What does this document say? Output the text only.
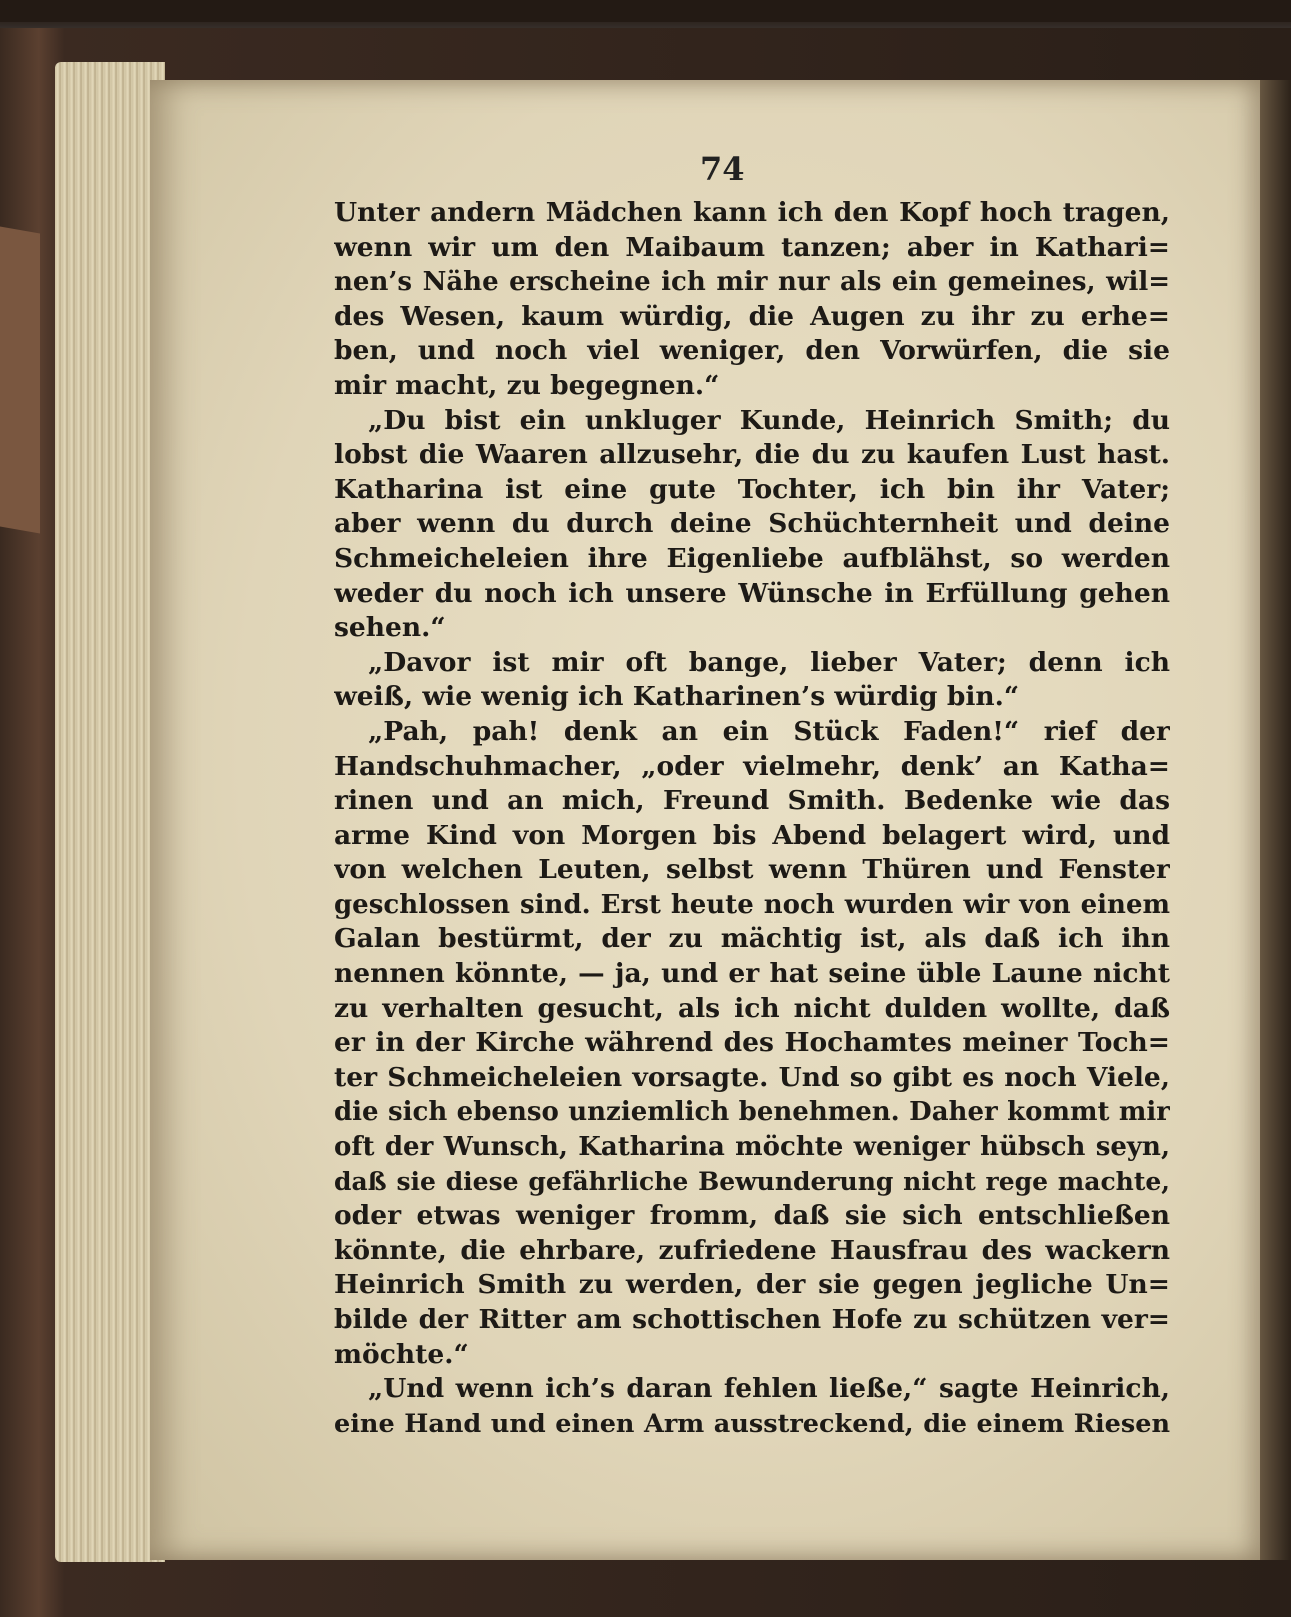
74
Unter andern Mädchen kann ich den Kopf hoch tragen,
wenn wir um den Maibaum tanzen; aber in Kathari=
nen’s Nähe erscheine ich mir nur als ein gemeines, wil=
des Wesen, kaum würdig, die Augen zu ihr zu erhe=
ben, und noch viel weniger, den Vorwürfen, die sie
mir macht, zu begegnen.“
„Du bist ein unkluger Kunde, Heinrich Smith; du
lobst die Waaren allzusehr, die du zu kaufen Lust hast.
Katharina ist eine gute Tochter, ich bin ihr Vater;
aber wenn du durch deine Schüchternheit und deine
Schmeicheleien ihre Eigenliebe aufblähst, so werden
weder du noch ich unsere Wünsche in Erfüllung gehen
sehen.“
„Davor ist mir oft bange, lieber Vater; denn ich
weiß, wie wenig ich Katharinen’s würdig bin.“
„Pah, pah! denk an ein Stück Faden!“ rief der
Handschuhmacher, „oder vielmehr, denk’ an Katha=
rinen und an mich, Freund Smith. Bedenke wie das
arme Kind von Morgen bis Abend belagert wird, und
von welchen Leuten, selbst wenn Thüren und Fenster
geschlossen sind. Erst heute noch wurden wir von einem
Galan bestürmt, der zu mächtig ist, als daß ich ihn
nennen könnte, — ja, und er hat seine üble Laune nicht
zu verhalten gesucht, als ich nicht dulden wollte, daß
er in der Kirche während des Hochamtes meiner Toch=
ter Schmeicheleien vorsagte. Und so gibt es noch Viele,
die sich ebenso unziemlich benehmen. Daher kommt mir
oft der Wunsch, Katharina möchte weniger hübsch seyn,
daß sie diese gefährliche Bewunderung nicht rege machte,
oder etwas weniger fromm, daß sie sich entschließen
könnte, die ehrbare, zufriedene Hausfrau des wackern
Heinrich Smith zu werden, der sie gegen jegliche Un=
bilde der Ritter am schottischen Hofe zu schützen ver=
möchte.“
„Und wenn ich’s daran fehlen ließe,“ sagte Heinrich,
eine Hand und einen Arm ausstreckend, die einem Riesen
